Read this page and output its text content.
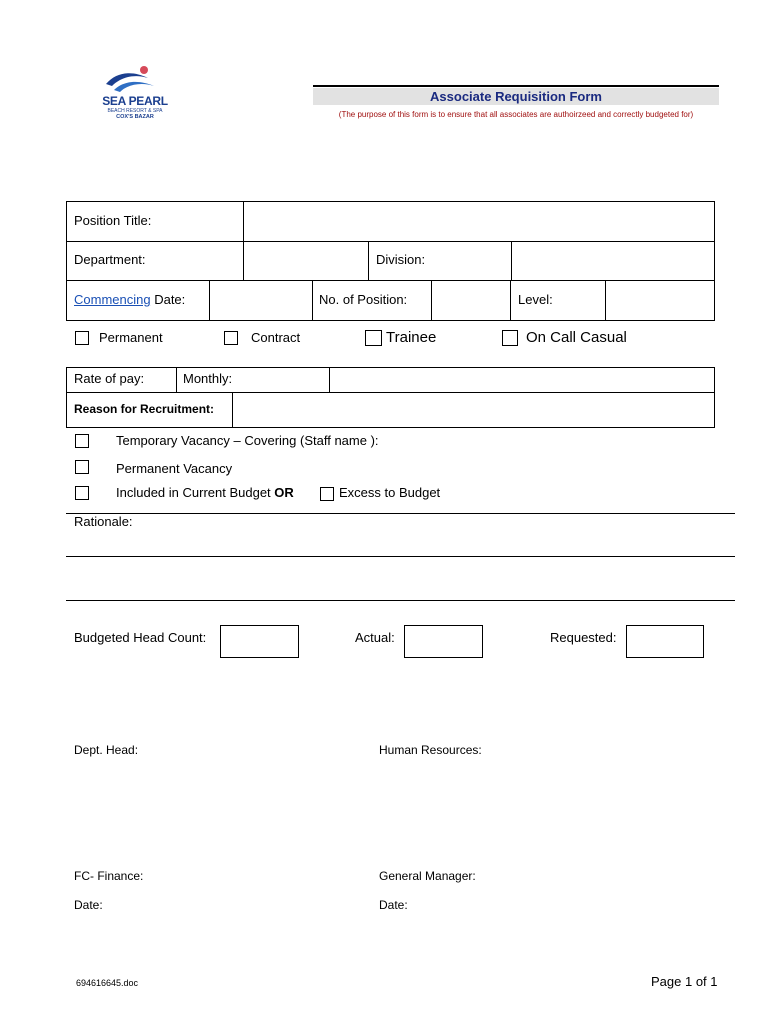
SEA PEARL
BEACH RESORT & SPA
COX'S BAZAR
Associate Requisition Form
(The purpose of this form is to ensure that all associates are authoirzeed and correctly budgeted for)
Position Title:
Department:	Division:
Commencing Date:	No. of Position:	Level:
Permanent	Contract	Trainee	On Call Casual
Rate of pay:	Monthly:
Reason for Recruitment:
Temporary Vacancy – Covering (Staff name ):
Permanent Vacancy
Included in Current Budget OR	Excess to Budget
Rationale:
Budgeted Head Count:	Actual:	Requested:
Dept. Head:	Human Resources:
FC- Finance:	General Manager:
Date:	Date:
694616645.doc	Page 1 of 1
